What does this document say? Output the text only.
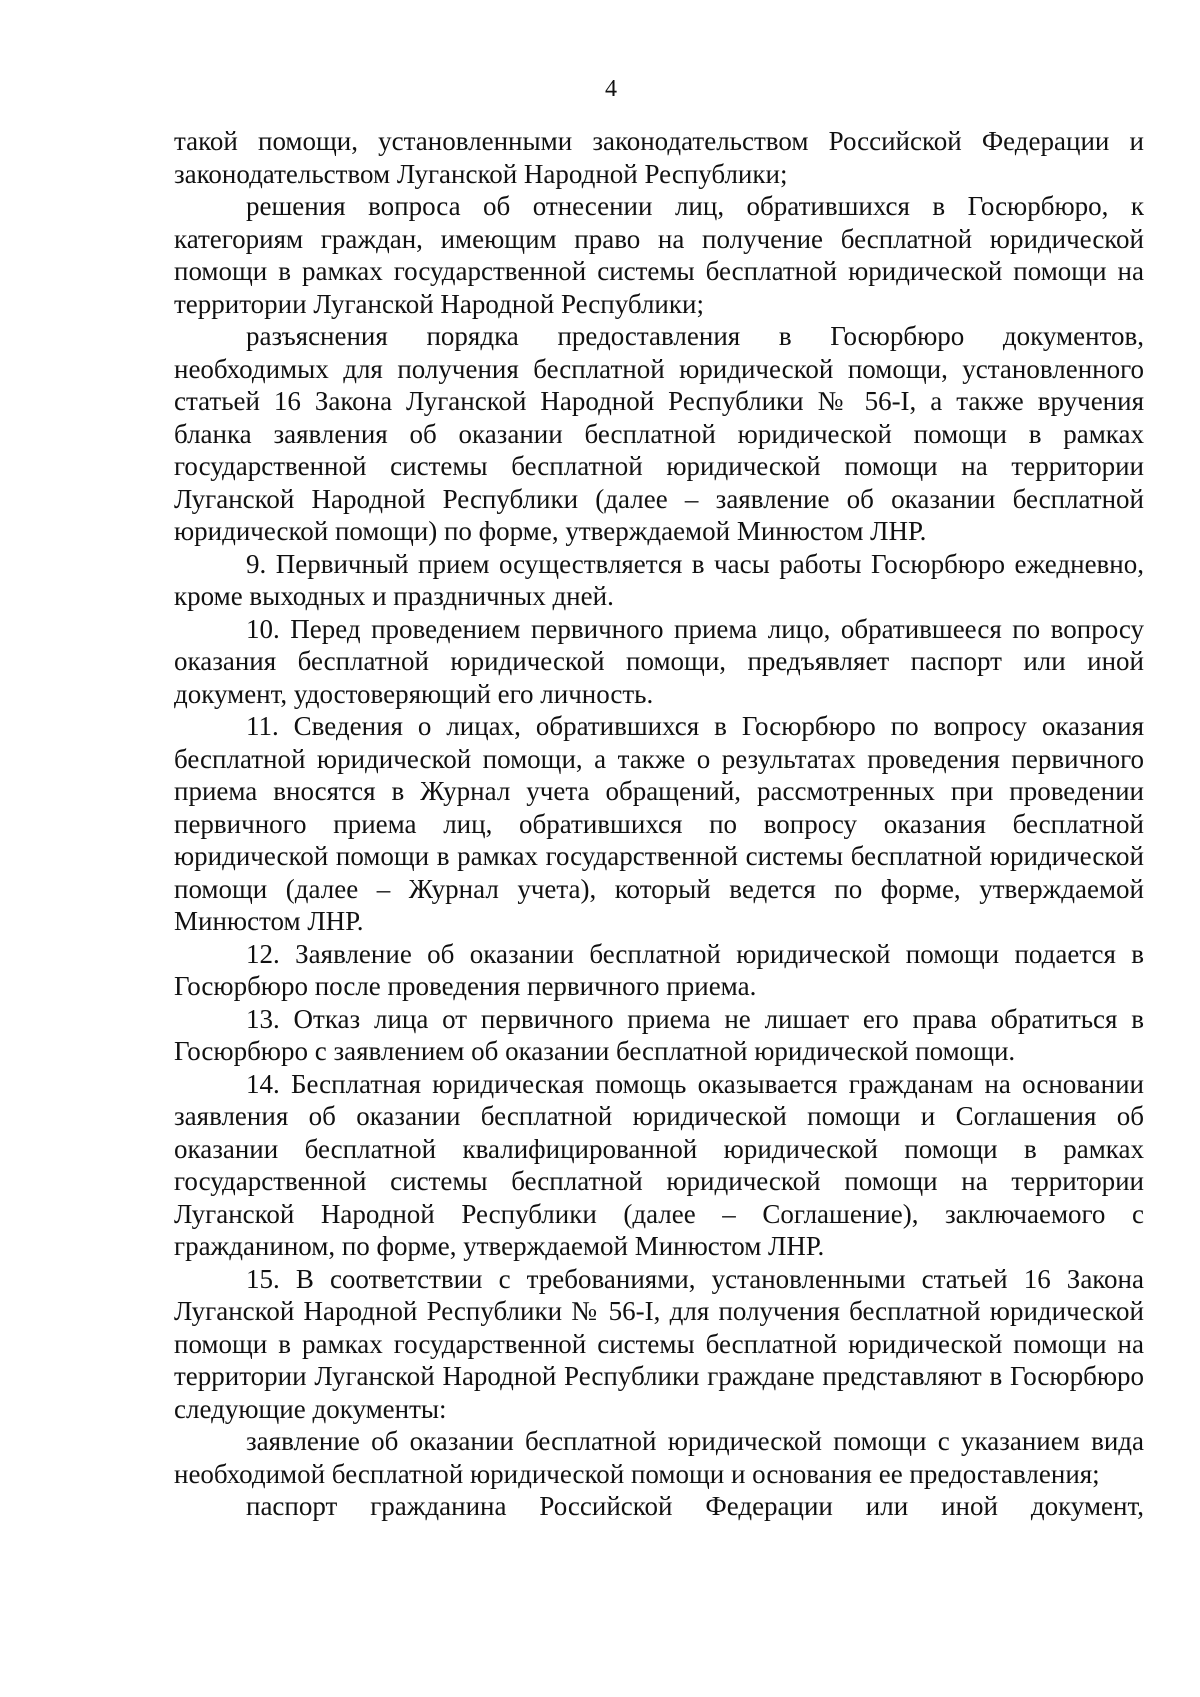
4

такой помощи, установленными законодательством Российской Федерации и законодательством Луганской Народной Республики;

решения вопроса об отнесении лиц, обратившихся в Госюрбюро, к категориям граждан, имеющим право на получение бесплатной юридической помощи в рамках государственной системы бесплатной юридической помощи на территории Луганской Народной Республики;

разъяснения порядка предоставления в Госюрбюро документов, необходимых для получения бесплатной юридической помощи, установленного статьей 16 Закона Луганской Народной Республики № 56-I, а также вручения бланка заявления об оказании бесплатной юридической помощи в рамках государственной системы бесплатной юридической помощи на территории Луганской Народной Республики (далее – заявление об оказании бесплатной юридической помощи) по форме, утверждаемой Минюстом ЛНР.

9. Первичный прием осуществляется в часы работы Госюрбюро ежедневно, кроме выходных и праздничных дней.

10. Перед проведением первичного приема лицо, обратившееся по вопросу оказания бесплатной юридической помощи, предъявляет паспорт или иной документ, удостоверяющий его личность.

11. Сведения о лицах, обратившихся в Госюрбюро по вопросу оказания бесплатной юридической помощи, а также о результатах проведения первичного приема вносятся в Журнал учета обращений, рассмотренных при проведении первичного приема лиц, обратившихся по вопросу оказания бесплатной юридической помощи в рамках государственной системы бесплатной юридической помощи (далее – Журнал учета), который ведется по форме, утверждаемой Минюстом ЛНР.

12. Заявление об оказании бесплатной юридической помощи подается в Госюрбюро после проведения первичного приема.

13. Отказ лица от первичного приема не лишает его права обратиться в Госюрбюро с заявлением об оказании бесплатной юридической помощи.

14. Бесплатная юридическая помощь оказывается гражданам на основании заявления об оказании бесплатной юридической помощи и Соглашения об оказании бесплатной квалифицированной юридической помощи в рамках государственной системы бесплатной юридической помощи на территории Луганской Народной Республики (далее – Соглашение), заключаемого с гражданином, по форме, утверждаемой Минюстом ЛНР.

15. В соответствии с требованиями, установленными статьей 16 Закона Луганской Народной Республики № 56-I, для получения бесплатной юридической помощи в рамках государственной системы бесплатной юридической помощи на территории Луганской Народной Республики граждане представляют в Госюрбюро следующие документы:

заявление об оказании бесплатной юридической помощи с указанием вида необходимой бесплатной юридической помощи и основания ее предоставления;

паспорт гражданина Российской Федерации или иной документ,
